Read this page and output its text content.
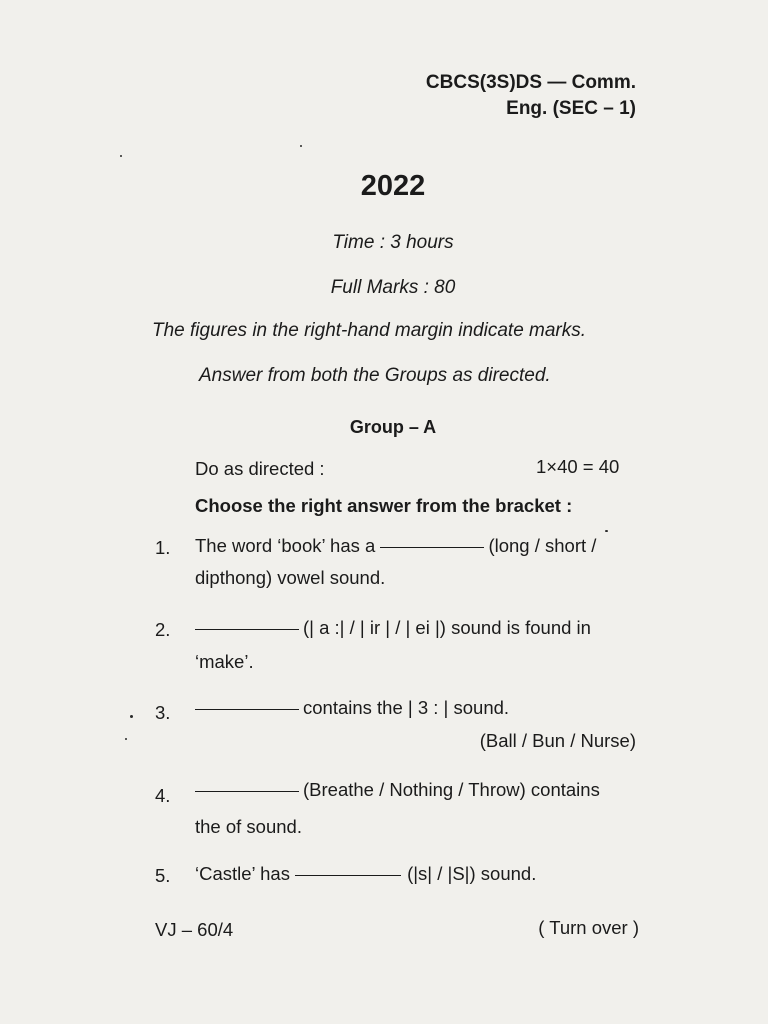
CBCS(3S)DS — Comm.
Eng. (SEC – 1)
2022
Time : 3 hours
Full Marks : 80
The figures in the right-hand margin indicate marks.
Answer from both the Groups as directed.
Group – A
Do as directed :	1×40 = 40
Choose the right answer from the bracket :
1. The word ‘book’ has a	(long / short /
dipthong) vowel sound.
2.	(| a :| / | ir | / | ei |) sound is found in
‘make’.
3.	contains the | 3 : | sound.
(Ball / Bun / Nurse)
4.	(Breathe / Nothing / Throw) contains
the of sound.
5. ‘Castle’ has	(|s| / |S|) sound.
VJ – 60/4	( Turn over )
